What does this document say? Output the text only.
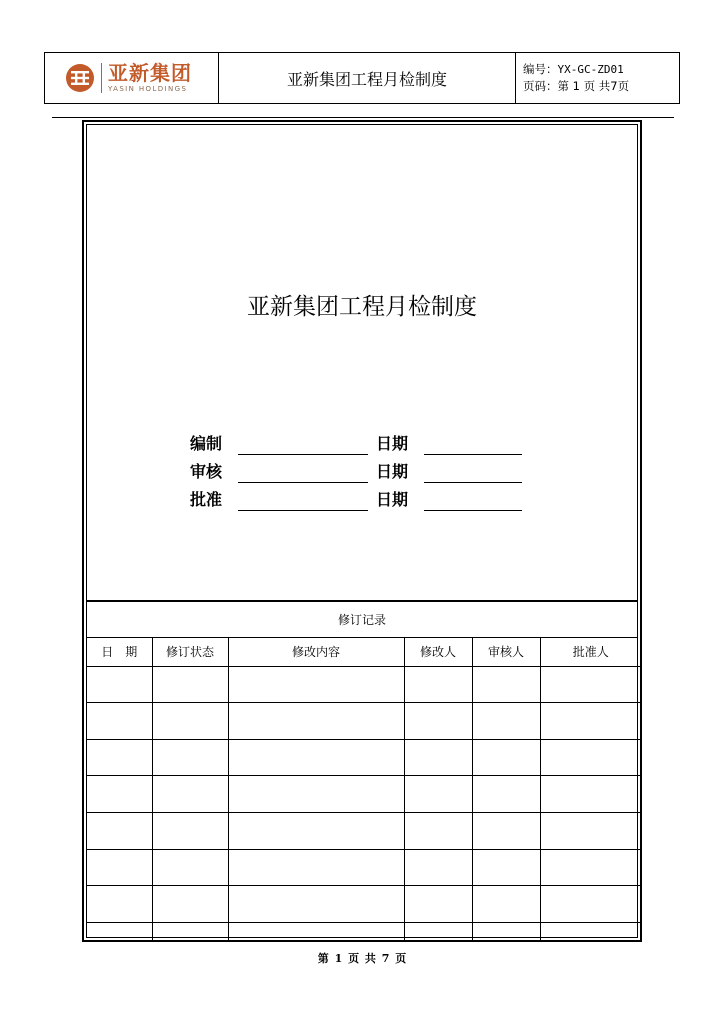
亚新集团
YASIN HOLDINGS
亚新集团工程月检制度
编号：YX-GC-ZD01
页码：第 1 页 共7页
亚新集团工程月检制度
编制	日期
审核	日期
批准	日期
修订记录
日　期	修订状态	修改内容	修改人	审核人	批准人

第 1 页 共 7 页
